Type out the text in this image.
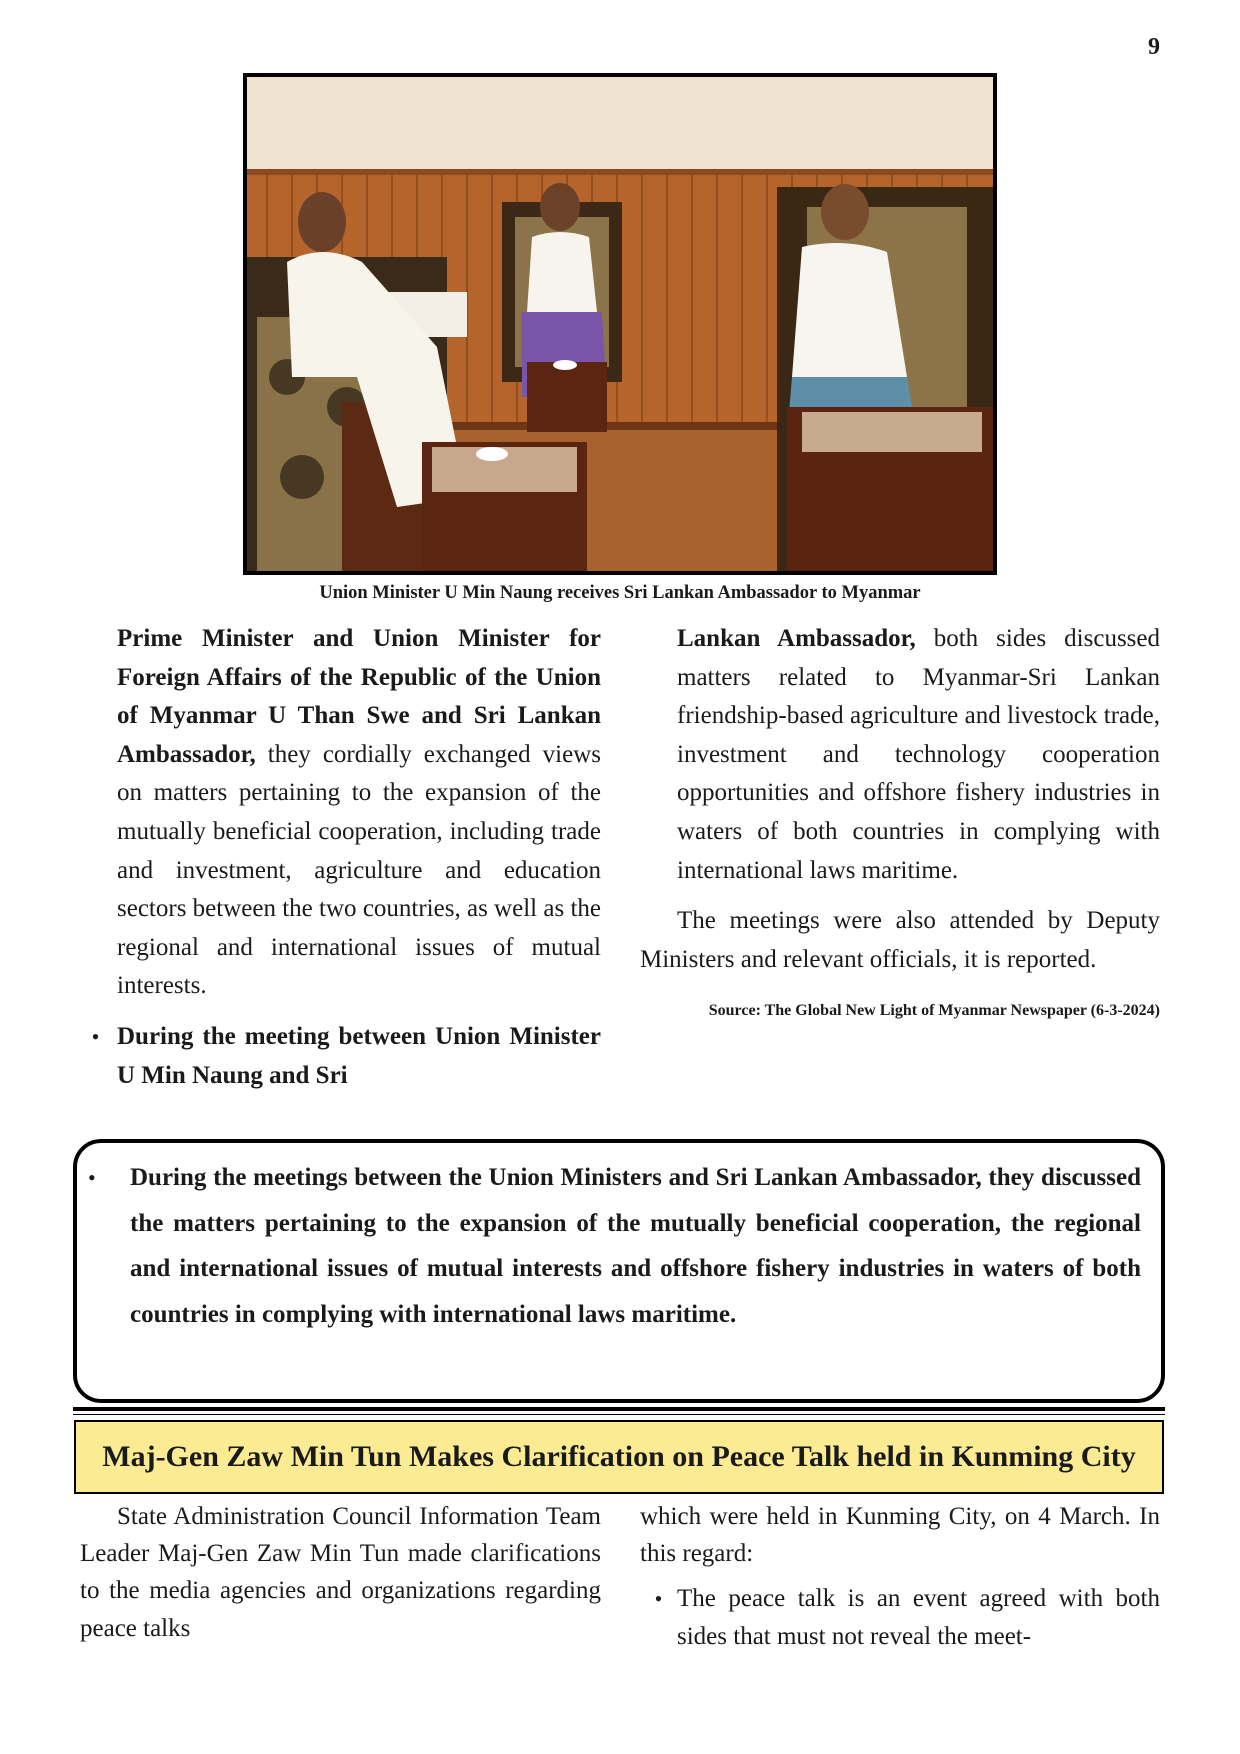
9
Union Minister U Min Naung receives Sri Lankan Ambassador to Myanmar

Prime Minister and Union Minister for Foreign Affairs of the Republic of the Union of Myanmar U Than Swe and Sri Lankan Ambassador, they cordially exchanged views on matters pertaining to the expansion of the mutually beneficial cooperation, including trade and investment, agriculture and education sectors between the two countries, as well as the regional and international issues of mutual interests.

• During the meeting between Union Minister U Min Naung and Sri

Lankan Ambassador, both sides discussed matters related to Myanmar-Sri Lankan friendship-based agriculture and livestock trade, investment and technology cooperation opportunities and offshore fishery industries in waters of both countries in complying with international laws maritime.

The meetings were also attended by Deputy Ministers and relevant officials, it is reported.

Source: The Global New Light of Myanmar Newspaper (6-3-2024)

• During the meetings between the Union Ministers and Sri Lankan Ambassador, they discussed the matters pertaining to the expansion of the mutually beneficial cooperation, the regional and international issues of mutual interests and offshore fishery industries in waters of both countries in complying with international laws maritime.
Maj-Gen Zaw Min Tun Makes Clarification on Peace Talk held in Kunming City

State Administration Council Information Team Leader Maj-Gen Zaw Min Tun made clarifications to the media agencies and organizations regarding peace talks

which were held in Kunming City, on 4 March. In this regard:

• The peace talk is an event agreed with both sides that must not reveal the meet-
